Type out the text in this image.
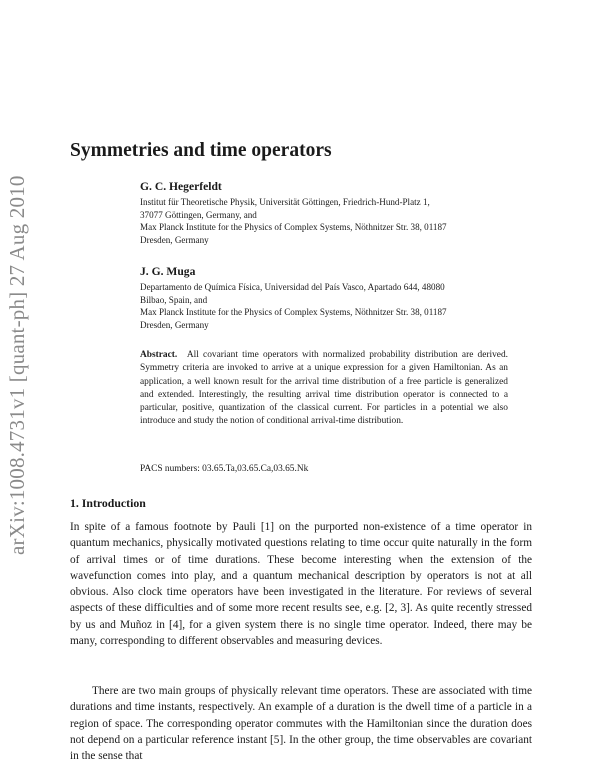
arXiv:1008.4731v1 [quant-ph] 27 Aug 2010
Symmetries and time operators
G. C. Hegerfeldt
Institut für Theoretische Physik, Universität Göttingen, Friedrich-Hund-Platz 1,
37077 Göttingen, Germany, and
Max Planck Institute for the Physics of Complex Systems, Nöthnitzer Str. 38, 01187
Dresden, Germany
J. G. Muga
Departamento de Química Física, Universidad del País Vasco, Apartado 644, 48080
Bilbao, Spain, and
Max Planck Institute for the Physics of Complex Systems, Nöthnitzer Str. 38, 01187
Dresden, Germany
Abstract. All covariant time operators with normalized probability distribution are derived. Symmetry criteria are invoked to arrive at a unique expression for a given Hamiltonian. As an application, a well known result for the arrival time distribution of a free particle is generalized and extended. Interestingly, the resulting arrival time distribution operator is connected to a particular, positive, quantization of the classical current. For particles in a potential we also introduce and study the notion of conditional arrival-time distribution.
PACS numbers: 03.65.Ta,03.65.Ca,03.65.Nk
1. Introduction
In spite of a famous footnote by Pauli [1] on the purported non-existence of a time operator in quantum mechanics, physically motivated questions relating to time occur quite naturally in the form of arrival times or of time durations. These become interesting when the extension of the wavefunction comes into play, and a quantum mechanical description by operators is not at all obvious. Also clock time operators have been investigated in the literature. For reviews of several aspects of these difficulties and of some more recent results see, e.g. [2, 3]. As quite recently stressed by us and Muñoz in [4], for a given system there is no single time operator. Indeed, there may be many, corresponding to different observables and measuring devices.
There are two main groups of physically relevant time operators. These are associated with time durations and time instants, respectively. An example of a duration is the dwell time of a particle in a region of space. The corresponding operator commutes with the Hamiltonian since the duration does not depend on a particular reference instant [5]. In the other group, the time observables are covariant in the sense that
